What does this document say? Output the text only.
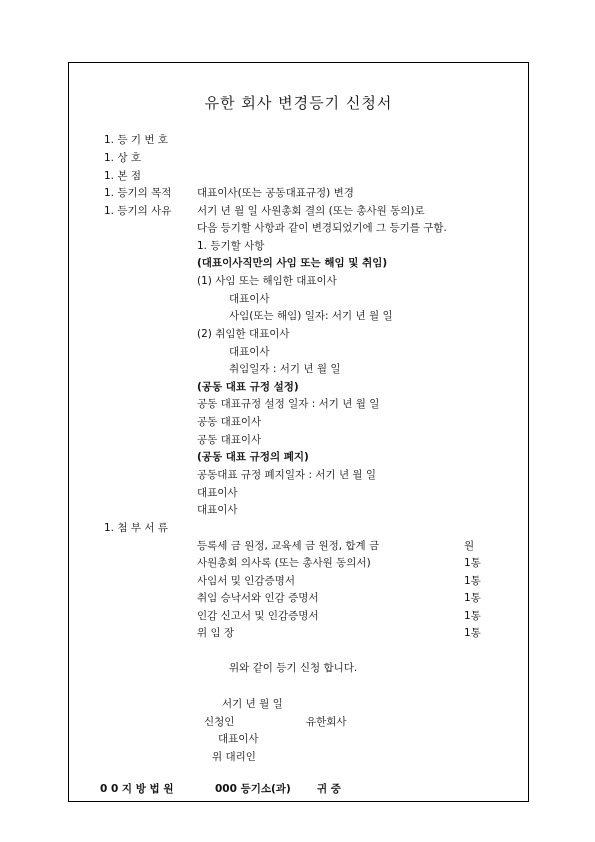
유한 회사 변경등기 신청서
1. 등 기 번 호
1. 상 호
1. 본 점
1. 등기의 목적 대표이사(또는 공동대표규정) 변경
1. 등기의 사유 서기 년 월 일 사원총회 결의 (또는 총사원 동의)로
다음 등기할 사항과 같이 변경되었기에 그 등기를 구함.
1. 등기할 사항
(대표이사직만의 사임 또는 해임 및 취임)
(1) 사임 또는 해임한 대표이사
대표이사
사임(또는 해임) 일자: 서기 년 월 일
(2) 취임한 대표이사
대표이사
취임일자 : 서기 년 월 일
(공동 대표 규정 설정)
공동 대표규정 설정 일자 : 서기 년 월 일
공동 대표이사
공동 대표이사
(공동 대표 규정의 폐지)
공동대표 규정 폐지일자 : 서기 년 월 일
대표이사
대표이사
1. 첨 부 서 류
등록세 금 원정, 교육세 금 원정, 합계 금	원
사원총회 의사록 (또는 총사원 동의서)	1통
사임서 및 인감증명서	1통
취임 승낙서와 인감 증명서	1통
인감 신고서 및 인감증명서	1통
위 임 장	1통
위와 같이 등기 신청 합니다.
서기 년 월 일
신청인	유한회사
대표이사
위 대리인
0 0 지 방 법 원	000 등기소(과)	귀 중
